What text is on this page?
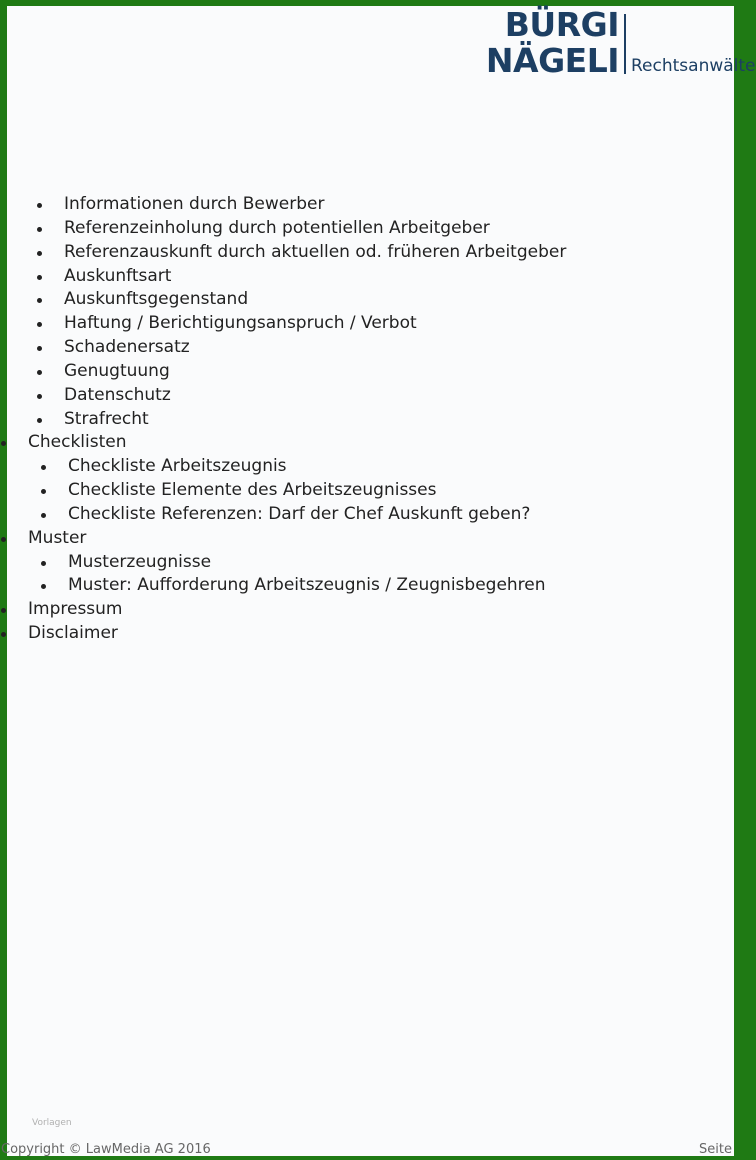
BÜRGI
NÄGELI Rechtsanwälte
Informationen durch Bewerber
Referenzeinholung durch potentiellen Arbeitgeber
Referenzauskunft durch aktuellen od. früheren Arbeitgeber
Auskunftsart
Auskunftsgegenstand
Haftung / Berichtigungsanspruch / Verbot
Schadenersatz
Genugtuung
Datenschutz
Strafrecht
Checklisten
Checkliste Arbeitszeugnis
Checkliste Elemente des Arbeitszeugnisses
Checkliste Referenzen: Darf der Chef Auskunft geben?
Muster
Musterzeugnisse
Muster: Aufforderung Arbeitszeugnis / Zeugnisbegehren
Impressum
Disclaimer
Vorlagen
Copyright © LawMedia AG 2016	Seite
